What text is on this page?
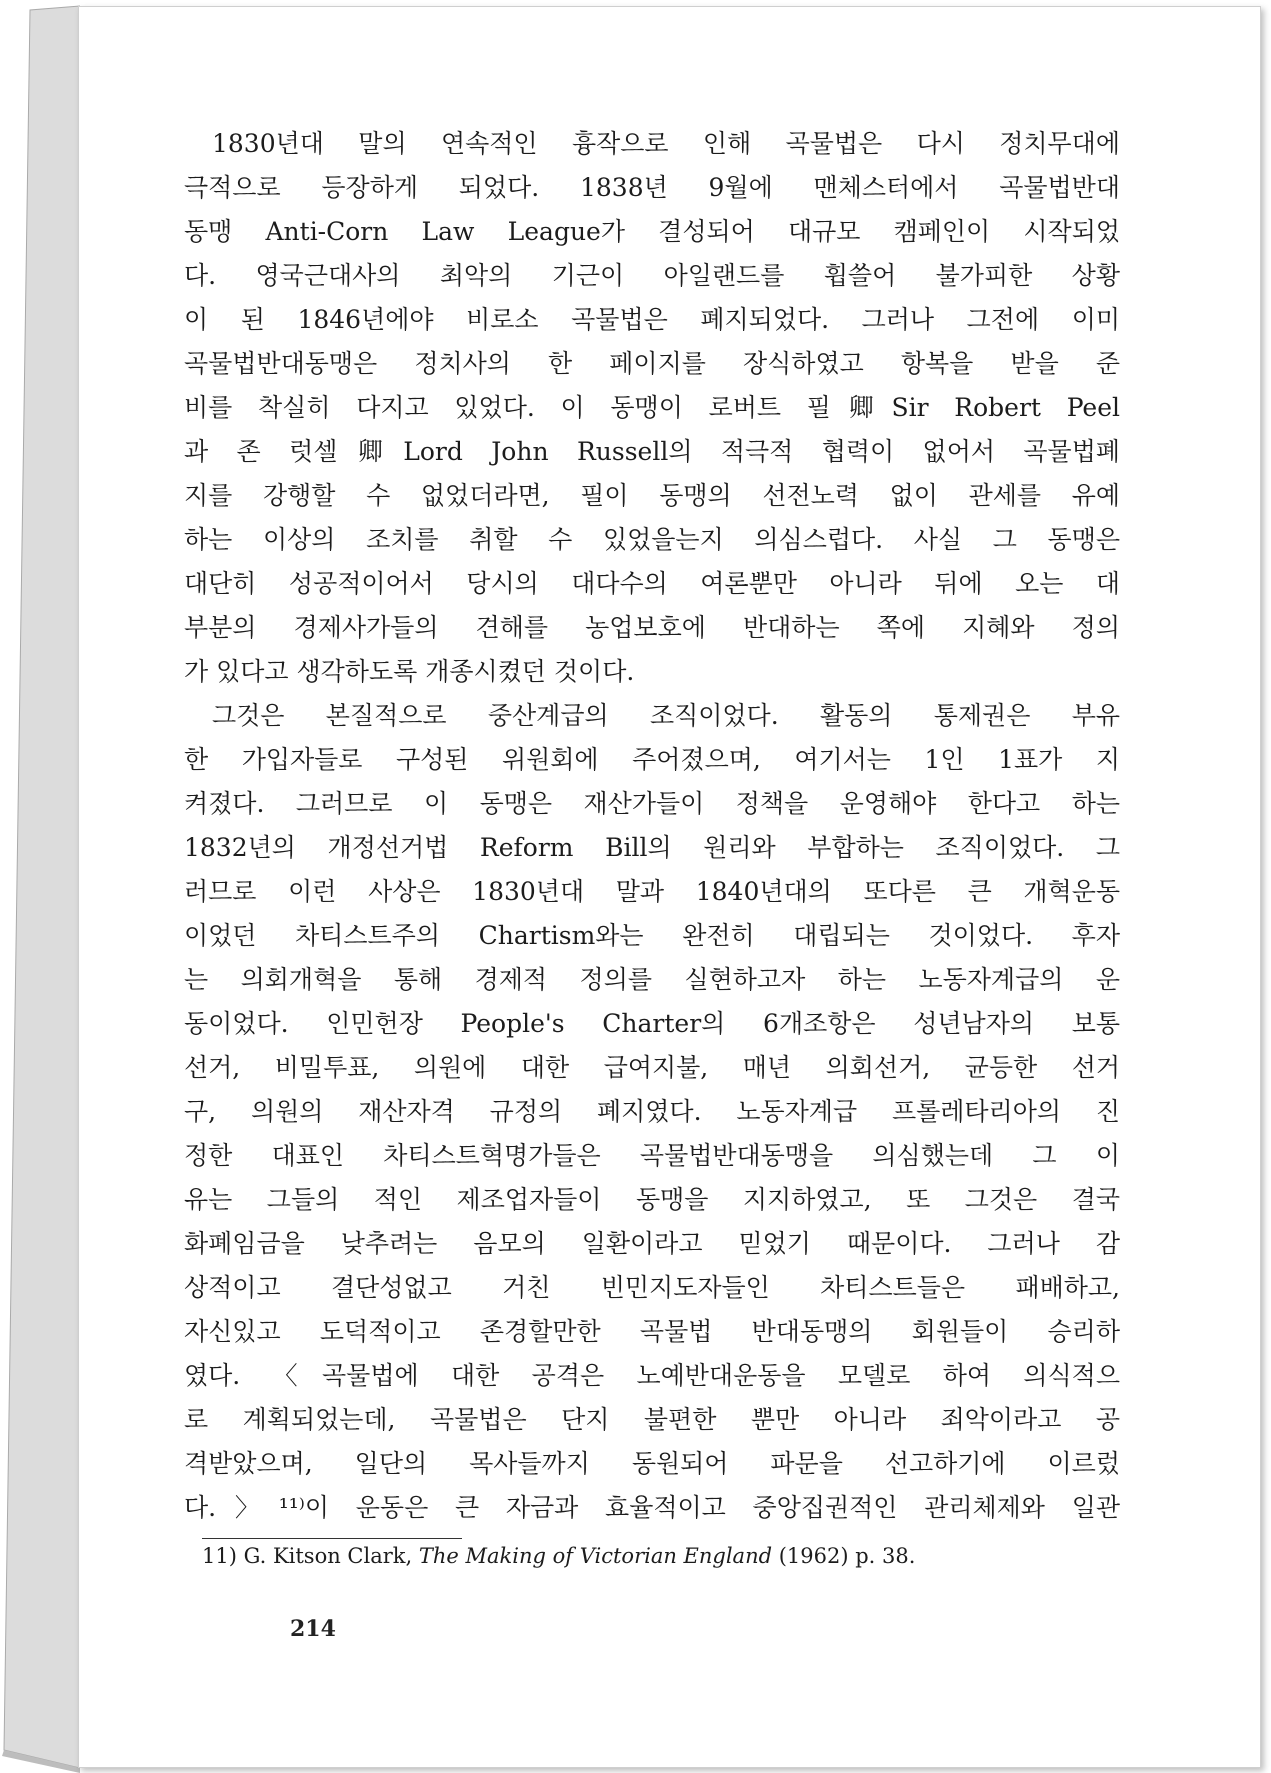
1830년대 말의 연속적인 흉작으로 인해 곡물법은 다시 정치무대에
극적으로 등장하게 되었다. 1838년 9월에 맨체스터에서 곡물법반대
동맹 Anti-Corn Law League가 결성되어 대규모 캠페인이 시작되었
다. 영국근대사의 최악의 기근이 아일랜드를 휩쓸어 불가피한 상황
이 된 1846년에야 비로소 곡물법은 폐지되었다. 그러나 그전에 이미
곡물법반대동맹은 정치사의 한 페이지를 장식하였고 항복을 받을 준
비를 착실히 다지고 있었다. 이 동맹이 로버트 필卿Sir Robert Peel
과 존 럿셀卿Lord John Russell의 적극적 협력이 없어서 곡물법폐
지를 강행할 수 없었더라면, 필이 동맹의 선전노력 없이 관세를 유예
하는 이상의 조치를 취할 수 있었을는지 의심스럽다. 사실 그 동맹은
대단히 성공적이어서 당시의 대다수의 여론뿐만 아니라 뒤에 오는 대
부분의 경제사가들의 견해를 농업보호에 반대하는 쪽에 지혜와 정의
가 있다고 생각하도록 개종시켰던 것이다.
그것은 본질적으로 중산계급의 조직이었다. 활동의 통제권은 부유
한 가입자들로 구성된 위원회에 주어졌으며, 여기서는 1인 1표가 지
켜졌다. 그러므로 이 동맹은 재산가들이 정책을 운영해야 한다고 하는
1832년의 개정선거법 Reform Bill의 원리와 부합하는 조직이었다. 그
러므로 이런 사상은 1830년대 말과 1840년대의 또다른 큰 개혁운동
이었던 차티스트주의 Chartism와는 완전히 대립되는 것이었다. 후자
는 의회개혁을 통해 경제적 정의를 실현하고자 하는 노동자계급의 운
동이었다. 인민헌장 People's Charter의 6개조항은 성년남자의 보통
선거, 비밀투표, 의원에 대한 급여지불, 매년 의회선거, 균등한 선거
구, 의원의 재산자격 규정의 폐지였다. 노동자계급 프롤레타리아의 진
정한 대표인 차티스트혁명가들은 곡물법반대동맹을 의심했는데 그 이
유는 그들의 적인 제조업자들이 동맹을 지지하였고, 또 그것은 결국
화폐임금을 낮추려는 음모의 일환이라고 믿었기 때문이다. 그러나 감
상적이고 결단성없고 거친 빈민지도자들인 차티스트들은 패배하고,
자신있고 도덕적이고 존경할만한 곡물법 반대동맹의 회원들이 승리하
였다. 〈곡물법에 대한 공격은 노예반대운동을 모델로 하여 의식적으
로 계획되었는데, 곡물법은 단지 불편한 뿐만 아니라 죄악이라고 공
격받았으며, 일단의 목사들까지 동원되어 파문을 선고하기에 이르렀
다.〉¹¹⁾이 운동은 큰 자금과 효율적이고 중앙집권적인 관리체제와 일관
11) G. Kitson Clark, The Making of Victorian England (1962) p. 38.
214
